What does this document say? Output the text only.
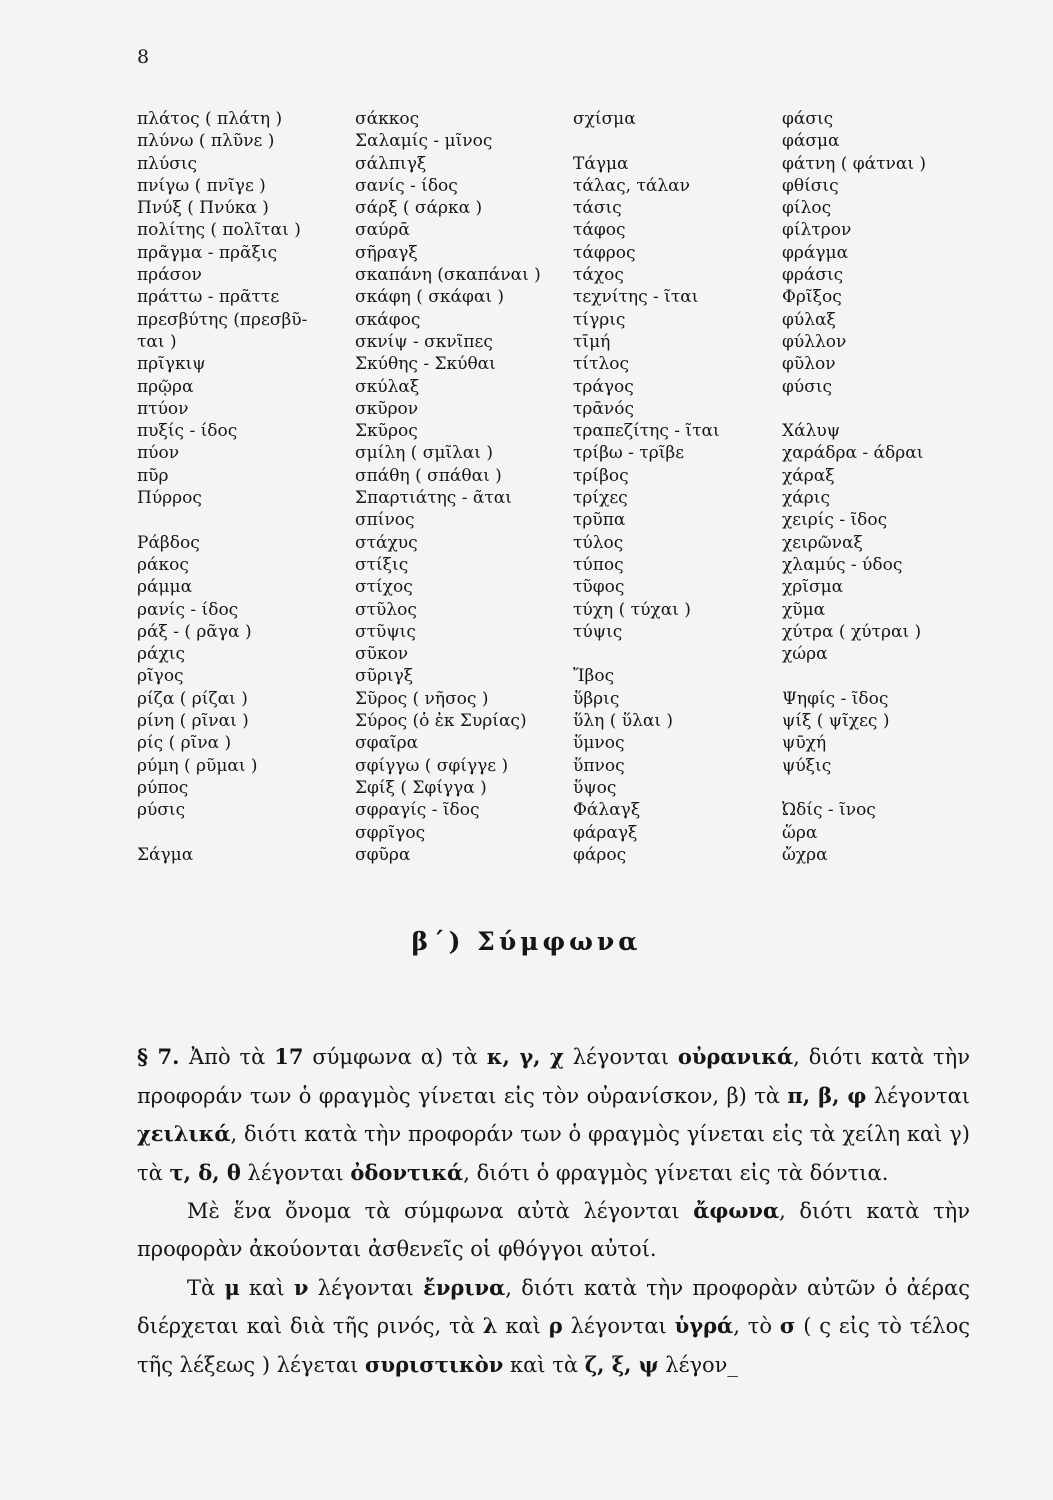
8
πλάτος ( πλάτη )
πλύνω ( πλῦνε )
πλύσις
πνίγω ( πνῖγε )
Πνύξ ( Πνύκα )
πολίτης ( πολῖται )
πρᾶγμα - πρᾶξις
πράσον
πράττω - πρᾶττε
πρεσβύτης (πρεσβῦ-
ται )
πρῖγκιψ
πρῷρα
πτύον
πυξίς - ίδος
πύον
πῦρ
Πύρρος
Ράβδος
ράκος
ράμμα
ρανίς - ίδος
ράξ - ( ρᾶγα )
ράχις
ρῖγος
ρίζα ( ρίζαι )
ρίνη ( ρῖναι )
ρίς ( ρῖνα )
ρύμη ( ρῦμαι )
ρύπος
ρύσις
Σάγμα
σάκκος
Σαλαμίς - μῖνος
σάλπιγξ
σανίς - ίδος
σάρξ ( σάρκα )
σαύρᾱ
σῆραγξ
σκαπάνη (σκαπάναι )
σκάφη ( σκάφαι )
σκάφος
σκνίψ - σκνῖπες
Σκύθης - Σκύθαι
σκύλαξ
σκῦρον
Σκῦρος
σμίλη ( σμῖλαι )
σπάθη ( σπάθαι )
Σπαρτιάτης - ᾶται
σπίνος
στάχυς
στίξις
στίχος
στῦλος
στῦψις
σῦκον
σῦριγξ
Σῦρος ( νῆσος )
Σύρος (ὁ ἐκ Συρίας)
σφαῖρα
σφίγγω ( σφίγγε )
Σφίξ ( Σφίγγα )
σφραγίς - ῖδος
σφρῖγος
σφῦρα
σχίσμα
Τάγμα
τάλας, τάλαν
τάσις
τάφος
τάφρος
τάχος
τεχνίτης - ῖται
τίγρις
τῑμή
τίτλος
τράγος
τρᾱνός
τραπεζίτης - ῖται
τρίβω - τρῖβε
τρίβος
τρίχες
τρῦπα
τύλος
τύπος
τῦφος
τύχη ( τύχαι )
τύψις
Ἴβος
ὕβρις
ὕλη ( ὕλαι )
ὕμνος
ὕπνος
ὕψος
Φάλαγξ
φάραγξ
φάρος
φάσις
φάσμα
φάτνη ( φάτναι )
φθίσις
φίλος
φίλτρον
φράγμα
φράσις
Φρῖξος
φύλαξ
φύλλον
φῦλον
φύσις
Χάλυψ
χαράδρα - άδραι
χάραξ
χάρις
χειρίς - ῖδος
χειρῶναξ
χλαμύς - ύδος
χρῖσμα
χῦμα
χύτρα ( χύτραι )
χώρα
Ψηφίς - ῖδος
ψίξ ( ψῖχες )
ψῡχή
ψύξις
Ὠδίς - ῖνος
ὥρα
ὤχρα
β΄) Σύμφωνα

§ 7. Ἀπὸ τὰ 17 σύμφωνα α) τὰ κ, γ, χ λέγονται οὐρανικά, διότι κατὰ τὴν προφοράν των ὁ φραγμὸς γίνεται εἰς τὸν οὐρανίσκον, β) τὰ π, β, φ λέγονται χειλικά, διότι κατὰ τὴν προφοράν των ὁ φραγμὸς γίνεται εἰς τὰ χείλη καὶ γ) τὰ τ, δ, θ λέγονται ὀδοντικά, διότι ὁ φραγμὸς γίνεται εἰς τὰ δόντια.

Μὲ ἕνα ὄνομα τὰ σύμφωνα αὐτὰ λέγονται ἄφωνα, διότι κατὰ τὴν προφορὰν ἀκούονται ἀσθενεῖς οἱ φθόγγοι αὐτοί.

Τὰ μ καὶ ν λέγονται ἔνρινα, διότι κατὰ τὴν προφορὰν αὐτῶν ὁ ἀέρας διέρχεται καὶ διὰ τῆς ρινός, τὰ λ καὶ ρ λέγονται ὑγρά, τὸ σ ( ς εἰς τὸ τέλος τῆς λέξεως ) λέγεται συριστικὸν καὶ τὰ ζ, ξ, ψ λέγον_
